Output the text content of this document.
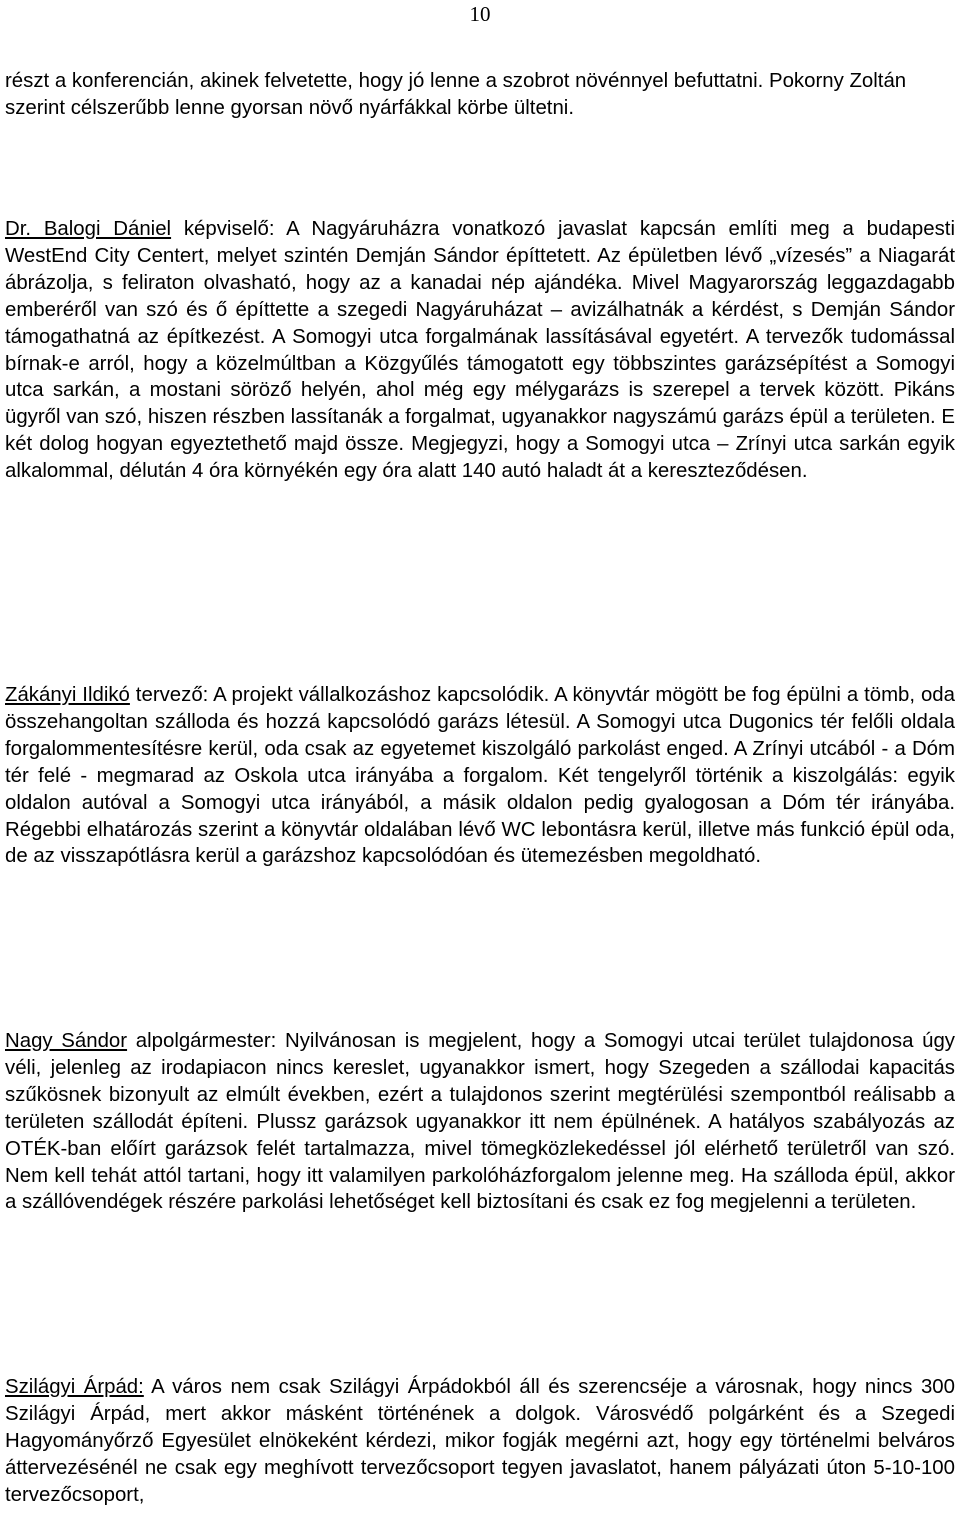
10

részt a konferencián, akinek felvetette, hogy jó lenne a szobrot növénnyel befuttatni. Pokorny Zoltán szerint célszerűbb lenne gyorsan növő nyárfákkal körbe ültetni.

Dr. Balogi Dániel képviselő: A Nagyáruházra vonatkozó javaslat kapcsán említi meg a budapesti WestEnd City Centert, melyet szintén Demján Sándor építtetett. Az épületben lévő „vízesés” a Niagarát ábrázolja, s feliraton olvasható, hogy az a kanadai nép ajándéka. Mivel Magyarország leggazdagabb emberéről van szó és ő építtette a szegedi Nagyáruházat – avizálhatnák a kérdést, s Demján Sándor támogathatná az építkezést. A Somogyi utca forgalmának lassításával egyetért. A tervezők tudomással bírnak-e arról, hogy a közelmúltban a Közgyűlés támogatott egy többszintes garázsépítést a Somogyi utca sarkán, a mostani söröző helyén, ahol még egy mélygarázs is szerepel a tervek között. Pikáns ügyről van szó, hiszen részben lassítanák a forgalmat, ugyanakkor nagyszámú garázs épül a területen. E két dolog hogyan egyeztethető majd össze. Megjegyzi, hogy a Somogyi utca – Zrínyi utca sarkán egyik alkalommal, délután 4 óra környékén egy óra alatt 140 autó haladt át a kereszteződésen.

Zákányi Ildikó tervező: A projekt vállalkozáshoz kapcsolódik. A könyvtár mögött be fog épülni a tömb, oda összehangoltan szálloda és hozzá kapcsolódó garázs létesül. A Somogyi utca Dugonics tér felőli oldala forgalommentesítésre kerül, oda csak az egyetemet kiszolgáló parkolást enged. A Zrínyi utcából - a Dóm tér felé - megmarad az Oskola utca irányába a forgalom. Két tengelyről történik a kiszolgálás: egyik oldalon autóval a Somogyi utca irányából, a másik oldalon pedig gyalogosan a Dóm tér irányába. Régebbi elhatározás szerint a könyvtár oldalában lévő WC lebontásra kerül, illetve más funkció épül oda, de az visszapótlásra kerül a garázshoz kapcsolódóan és ütemezésben megoldható.

Nagy Sándor alpolgármester: Nyilvánosan is megjelent, hogy a Somogyi utcai terület tulajdonosa úgy véli, jelenleg az irodapiacon nincs kereslet, ugyanakkor ismert, hogy Szegeden a szállodai kapacitás szűkösnek bizonyult az elmúlt években, ezért a tulajdonos szerint megtérülési szempontból reálisabb a területen szállodát építeni. Plussz garázsok ugyanakkor itt nem épülnének. A hatályos szabályozás az OTÉK-ban előírt garázsok felét tartalmazza, mivel tömegközlekedéssel jól elérhető területről van szó. Nem kell tehát attól tartani, hogy itt valamilyen parkolóházforgalom jelenne meg. Ha szálloda épül, akkor a szállóvendégek részére parkolási lehetőséget kell biztosítani és csak ez fog megjelenni a területen.

Szilágyi Árpád: A város nem csak Szilágyi Árpádokból áll és szerencséje a városnak, hogy nincs 300 Szilágyi Árpád, mert akkor másként történének a dolgok. Városvédő polgárként és a Szegedi Hagyományőrző Egyesület elnökeként kérdezi, mikor fogják megérni azt, hogy egy történelmi belváros áttervezésénél ne csak egy meghívott tervezőcsoport tegyen javaslatot, hanem pályázati úton 5-10-100 tervezőcsoport,
